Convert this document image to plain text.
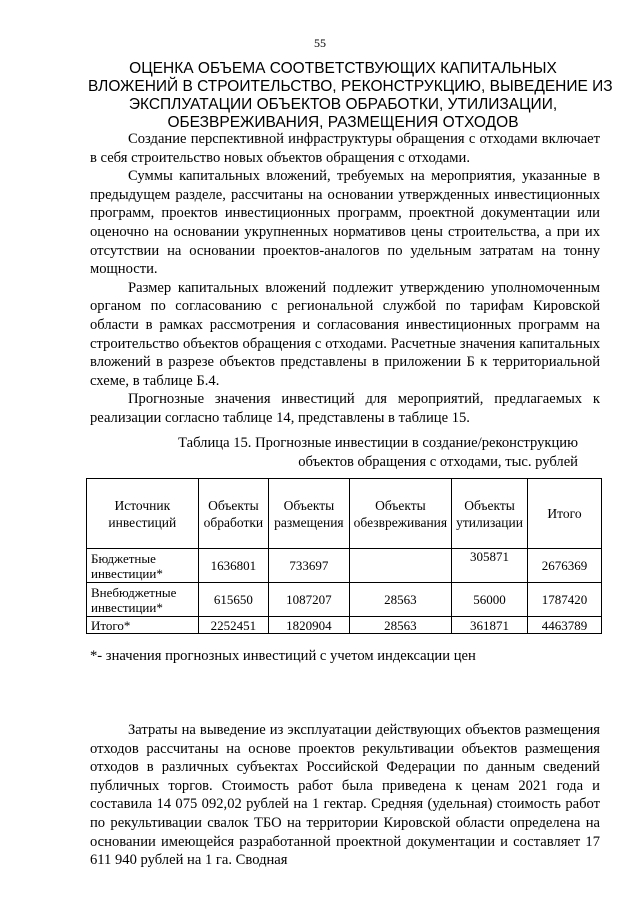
55
ОЦЕНКА ОБЪЕМА СООТВЕТСТВУЮЩИХ КАПИТАЛЬНЫХ
ВЛОЖЕНИЙ В СТРОИТЕЛЬСТВО, РЕКОНСТРУКЦИЮ, ВЫВЕДЕНИЕ ИЗ
ЭКСПЛУАТАЦИИ ОБЪЕКТОВ ОБРАБОТКИ, УТИЛИЗАЦИИ,
ОБЕЗВРЕЖИВАНИЯ, РАЗМЕЩЕНИЯ ОТХОДОВ

Создание перспективной инфраструктуры обращения с отходами включает в себя строительство новых объектов обращения с отходами.

Суммы капитальных вложений, требуемых на мероприятия, указанные в предыдущем разделе, рассчитаны на основании утвержденных инвестиционных программ, проектов инвестиционных программ, проектной документации или оценочно на основании укрупненных нормативов цены строительства, а при их отсутствии на основании проектов-аналогов по удельным затратам на тонну мощности.

Размер капитальных вложений подлежит утверждению уполномоченным органом по согласованию с региональной службой по тарифам Кировской области в рамках рассмотрения и согласования инвестиционных программ на строительство объектов обращения с отходами. Расчетные значения капитальных вложений в разрезе объектов представлены в приложении Б к территориальной схеме, в таблице Б.4.

Прогнозные значения инвестиций для мероприятий, предлагаемых к реализации согласно таблице 14, представлены в таблице 15.

Таблица 15. Прогнозные инвестиции в создание/реконструкцию
объектов обращения с отходами, тыс. рублей
Источник инвестиций	Объекты обработки	Объекты размещения	Объекты обезвреживания	Объекты утилизации	Итого
Бюджетные инвестиции*	1636801	733697		305871	2676369
Внебюджетные инвестиции*	615650	1087207	28563	56000	1787420
Итого*	2252451	1820904	28563	361871	4463789
*- значения прогнозных инвестиций с учетом индексации цен

Затраты на выведение из эксплуатации действующих объектов размещения отходов рассчитаны на основе проектов рекультивации объектов размещения отходов в различных субъектах Российской Федерации по данным сведений публичных торгов. Стоимость работ была приведена к ценам 2021 года и составила 14 075 092,02 рублей на 1 гектар. Средняя (удельная) стоимость работ по рекультивации свалок ТБО на территории Кировской области определена на основании имеющейся разработанной проектной документации и составляет 17 611 940 рублей на 1 га. Сводная
